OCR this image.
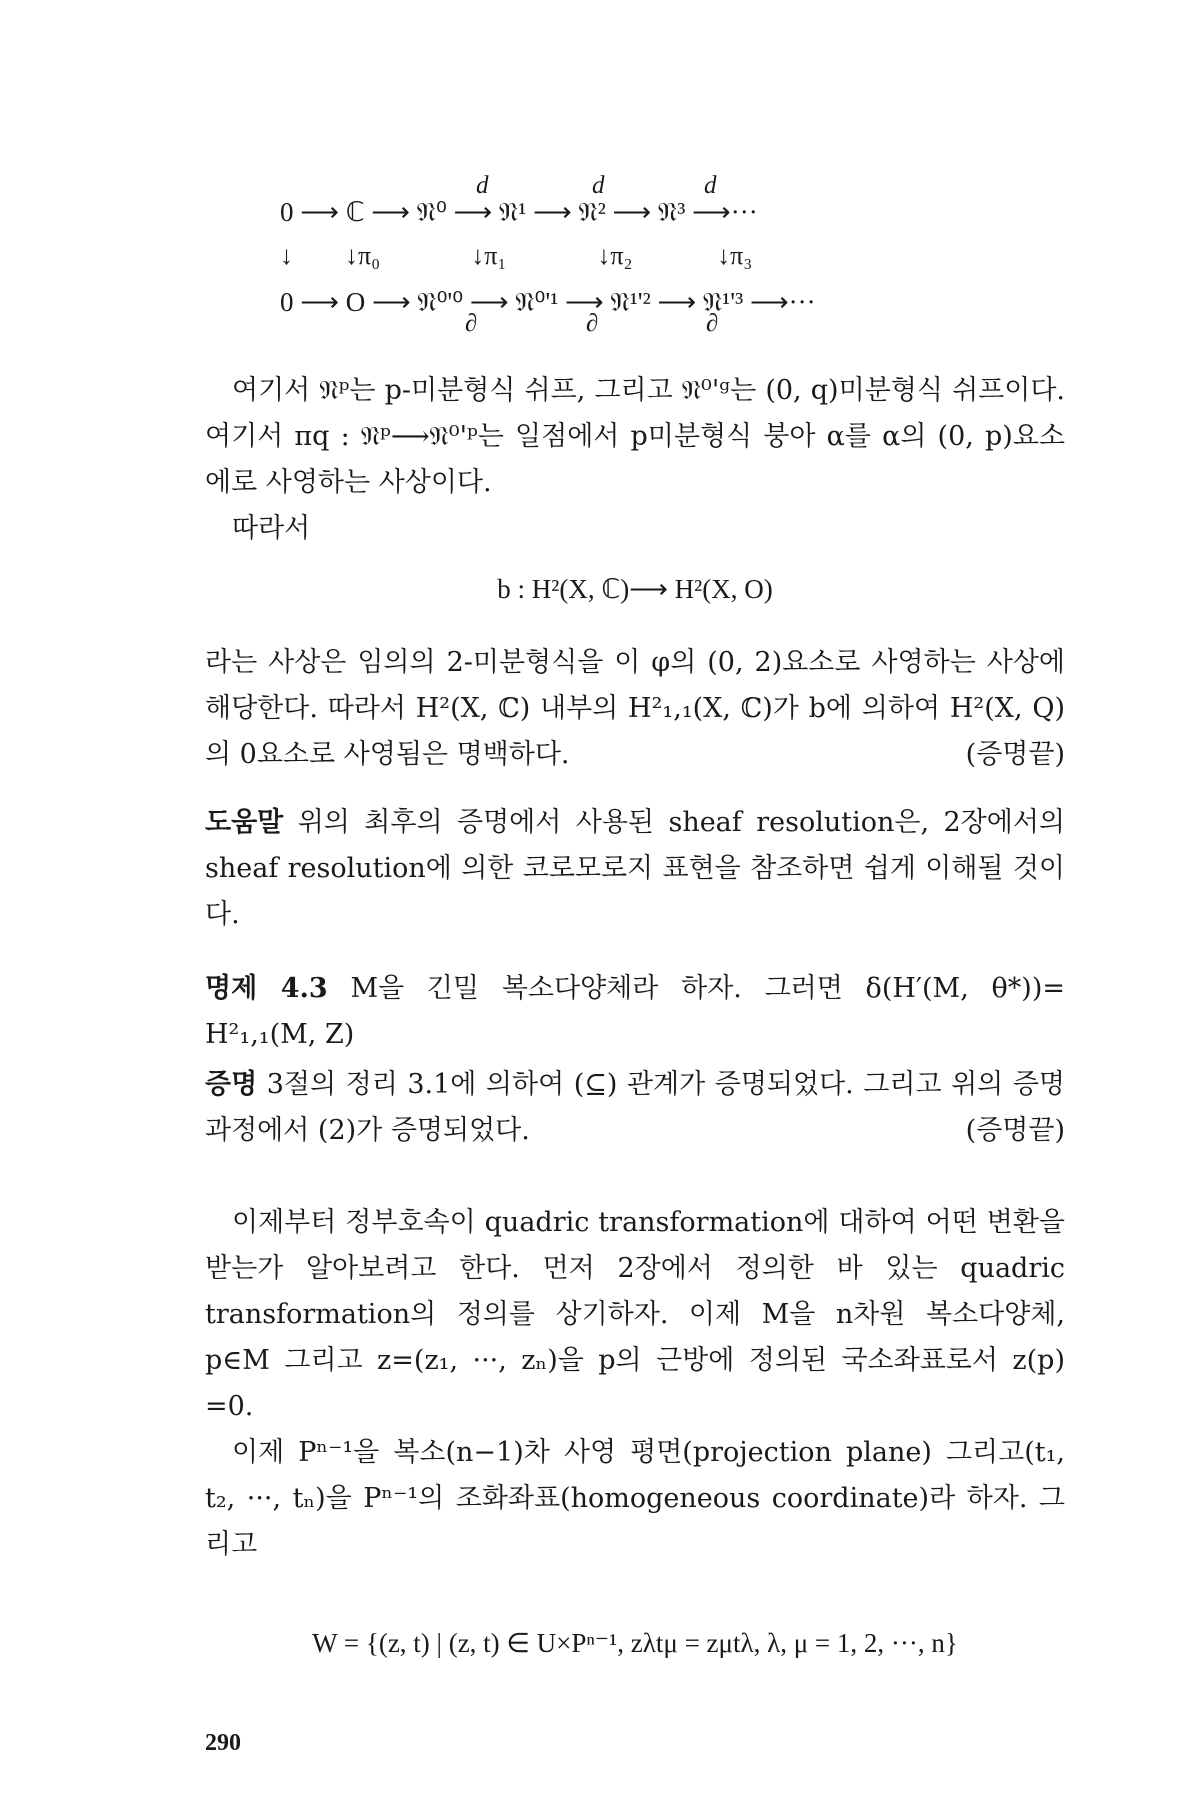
d	d	d
0 ⟶ ℂ ⟶ 𝔑⁰ ⟶ 𝔑¹ ⟶ 𝔑² ⟶ 𝔑³ ⟶···
↓        ↓π₀              ↓π₁              ↓π₂             ↓π₃
0 ⟶ O ⟶ 𝔑⁰'⁰ ⟶ 𝔑⁰'¹ ⟶ 𝔑¹'² ⟶ 𝔑¹'³ ⟶···
∂	∂	∂

여기서 𝔑ᵖ는 p-미분형식 쉬프, 그리고 𝔑⁰'ᵍ는 (0, q)미분형식 쉬프이다. 여기서 πq : 𝔑ᵖ⟶𝔑⁰'ᵖ는 일점에서 p미분형식 붕아 α를 α의 (0, p)요소에로 사영하는 사상이다.

따라서

b : H²(X, ℂ)⟶ H²(X, O)

라는 사상은 임의의 2-미분형식을 이 φ의 (0, 2)요소로 사영하는 사상에 해당한다. 따라서 H²(X, ℂ) 내부의 H²₁,₁(X, ℂ)가 b에 의하여 H²(X, Q)의 0요소로 사영됨은 명백하다.	(증명끝)

도움말 위의 최후의 증명에서 사용된 sheaf resolution은, 2장에서의 sheaf resolution에 의한 코로모로지 표현을 참조하면 쉽게 이해될 것이다.

명제 4.3 M을 긴밀 복소다양체라 하자. 그러면 δ(H′(M, θ*))= H²₁,₁(M, Z)

증명 3절의 정리 3.1에 의하여 (⊆) 관계가 증명되었다. 그리고 위의 증명 과정에서 (2)가 증명되었다.	(증명끝)

이제부터 정부호속이 quadric transformation에 대하여 어떤 변환을 받는가 알아보려고 한다. 먼저 2장에서 정의한 바 있는 quadric transformation의 정의를 상기하자. 이제 M을 n차원 복소다양체, p∈M 그리고 z=(z₁, ···, zₙ)을 p의 근방에 정의된 국소좌표로서 z(p) =0.

이제 Pⁿ⁻¹을 복소(n−1)차 사영 평면(projection plane) 그리고(t₁, t₂, ···, tₙ)을 Pⁿ⁻¹의 조화좌표(homogeneous coordinate)라 하자. 그리고

W = {(z, t) | (z, t) ∈ U×Pⁿ⁻¹, zλtμ = zμtλ, λ, μ = 1, 2, ···, n}
290
